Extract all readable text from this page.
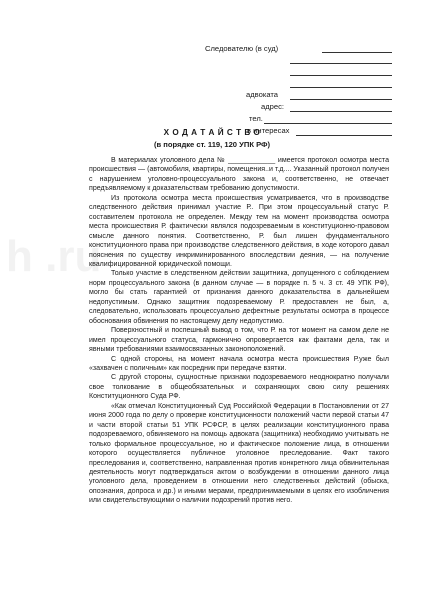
h .ru
Следователю (в суд)
адвоката
адрес:
тел.
в интересах
Х О Д А Т А Й С Т В О
(в порядке ст. 119, 120 УПК РФ)

В материалах уголовного дела № ____________ имеется протокол осмотра места происшествия — (автомобиля, квартиры, помещения..и т.д.... Указанный протокол получен с нарушением уголовно-процессуального закона и, соответственно, не отвечает предъявляемому к доказательствам требованию допустимости.

Из протокола осмотра места происшествия усматривается, что в производстве следственного действия принимал участие Р.. При этом процессуальный статус Р. составителем протокола не определен. Между тем на момент производства осмотра места происшествия Р. фактически являлся подозреваемым в конституционно-правовом смысле данного понятия. Соответственно, Р. был лишен фундаментального конституционного права при производстве следственного действия, в ходе которого давал пояснения по существу инкриминированного впоследствии деяния, — на получение квалифицированной юридической помощи.

Только участие в следственном действии защитника, допущенного с соблюдением норм процессуального закона (в данном случае — в порядке п. 5 ч. 3 ст. 49 УПК РФ), могло бы стать гарантией от признания данного доказательства в дальнейшем недопустимым. Однако защитник подозреваемому Р. предоставлен не был, а, следовательно, использовать процессуально дефектные результаты осмотра в процессе обоснования обвинения по настоящему делу недопустимо.

Поверхностный и поспешный вывод о том, что Р. на тот момент на самом деле не имел процессуального статуса, гармонично опровергается как фактами дела, так и явными требованиями взаимосвязанных законоположений.

С одной стороны, на момент начала осмотра места происшествия Р.уже был «захвачен с поличным» как посредник при передаче взятки.

С другой стороны, сущностные признаки подозреваемого неоднократно получали свое толкование в общеобязательных и сохраняющих свою силу решениях Конституционного Суда РФ.

«Как отмечал Конституционный Суд Российской Федерации в Постановлении от 27 июня 2000 года по делу о проверке конституционности положений части первой статьи 47 и части второй статьи 51 УПК РСФСР, в целях реализации конституционного права подозреваемого, обвиняемого на помощь адвоката (защитника) необходимо учитывать не только формальное процессуальное, но и фактическое положение лица, в отношении которого осуществляется публичное уголовное преследование. Факт такого преследования и, соответственно, направленная против конкретного лица обвинительная деятельность могут подтверждаться актом о возбуждении в отношении данного лица уголовного дела, проведением в отношении него следственных действий (обыска, опознания, допроса и др.) и иными мерами, предпринимаемыми в целях его изобличения или свидетельствующими о наличии подозрений против него.
